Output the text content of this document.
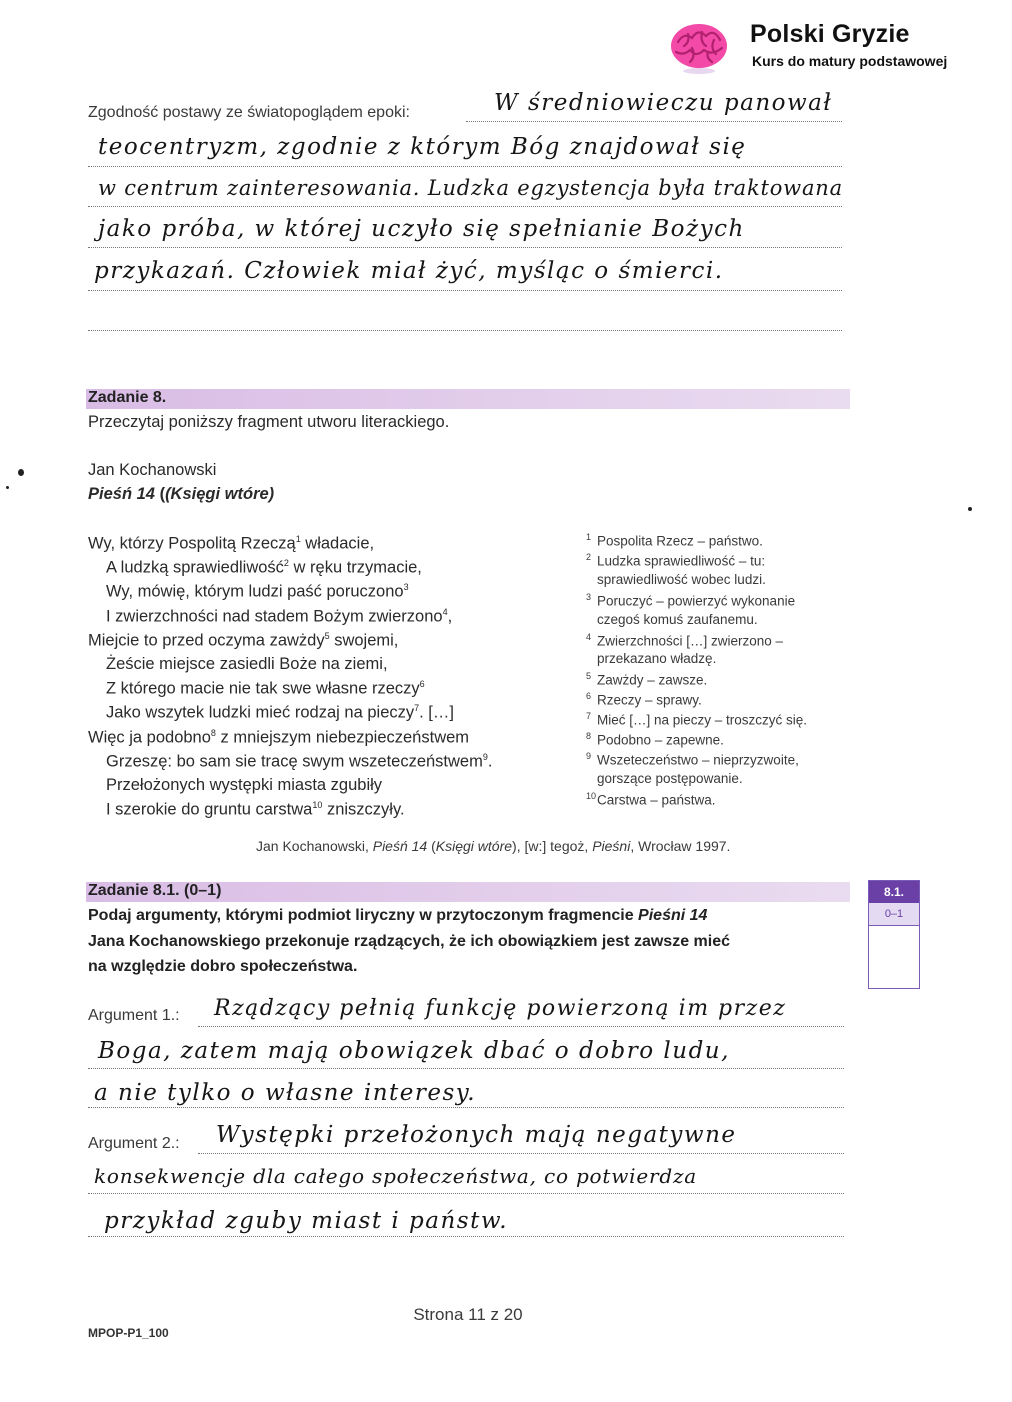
Polski Gryzie
Kurs do matury podstawowej
Zgodność postawy ze światopoglądem epoki:	W średniowieczu panował
teocentryzm, zgodnie z którym Bóg znajdował się
w centrum zainteresowania. Ludzka egzystencja była traktowana
jako próba, w której uczyło się spełnianie Bożych
przykazań. Człowiek miał żyć, myśląc o śmierci.
Zadanie 8.
Przeczytaj poniższy fragment utworu literackiego.
Jan Kochanowski
Pieśń 14 ((Księgi wtóre)
Wy, którzy Pospolitą Rzeczą$^1$ władacie,
A ludzką sprawiedliwość$^2$ w ręku trzymacie,
Wy, mówię, którym ludzi paść poruczono$^3$
I zwierzchności nad stadem Bożym zwierzono$^4$,
Miejcie to przed oczyma zawżdy$^5$ swojemi,
Żeście miejsce zasiedli Boże na ziemi,
Z którego macie nie tak swe własne rzeczy$^6$
Jako wszytek ludzki mieć rodzaj na pieczy$^7$. […]
Więc ja podobno$^8$ z mniejszym niebezpieczeństwem
Grzeszę: bo sam sie tracę swym wszeteczeństwem$^9$.
Przełożonych występki miasta zgubiły
I szerokie do gruntu carstwa$^{10}$ zniszczyły.
$^1$ Pospolita Rzecz – państwo.
$^2$ Ludzka sprawiedliwość – tu:
sprawiedliwość wobec ludzi.
$^3$ Poruczyć – powierzyć wykonanie
czegoś komuś zaufanemu.
$^4$ Zwierzchności […] zwierzono –
przekazano władzę.
$^5$ Zawżdy – zawsze.
$^6$ Rzeczy – sprawy.
$^7$ Mieć […] na pieczy – troszczyć się.
$^8$ Podobno – zapewne.
$^9$ Wszeteczeństwo – nieprzyzwoite,
gorszące postępowanie.
$^{10}$Carstwa – państwa.
Jan Kochanowski, Pieśń 14 (Księgi wtóre), [w:] tegoż, Pieśni, Wrocław 1997.
Zadanie 8.1. (0–1)
Podaj argumenty, którymi podmiot liryczny w przytoczonym fragmencie Pieśni 14
Jana Kochanowskiego przekonuje rządzących, że ich obowiązkiem jest zawsze mieć
na względzie dobro społeczeństwa.
8.1.
0–1
Argument 1.: Rządzący pełnią funkcję powierzoną im przez
Boga, zatem mają obowiązek dbać o dobro ludu,
a nie tylko o własne interesy.
Argument 2.: Występki przełożonych mają negatywne
konsekwencje dla całego społeczeństwa, co potwierdza
przykład zguby miast i państw.
Strona 11 z 20
MPOP-P1_100
